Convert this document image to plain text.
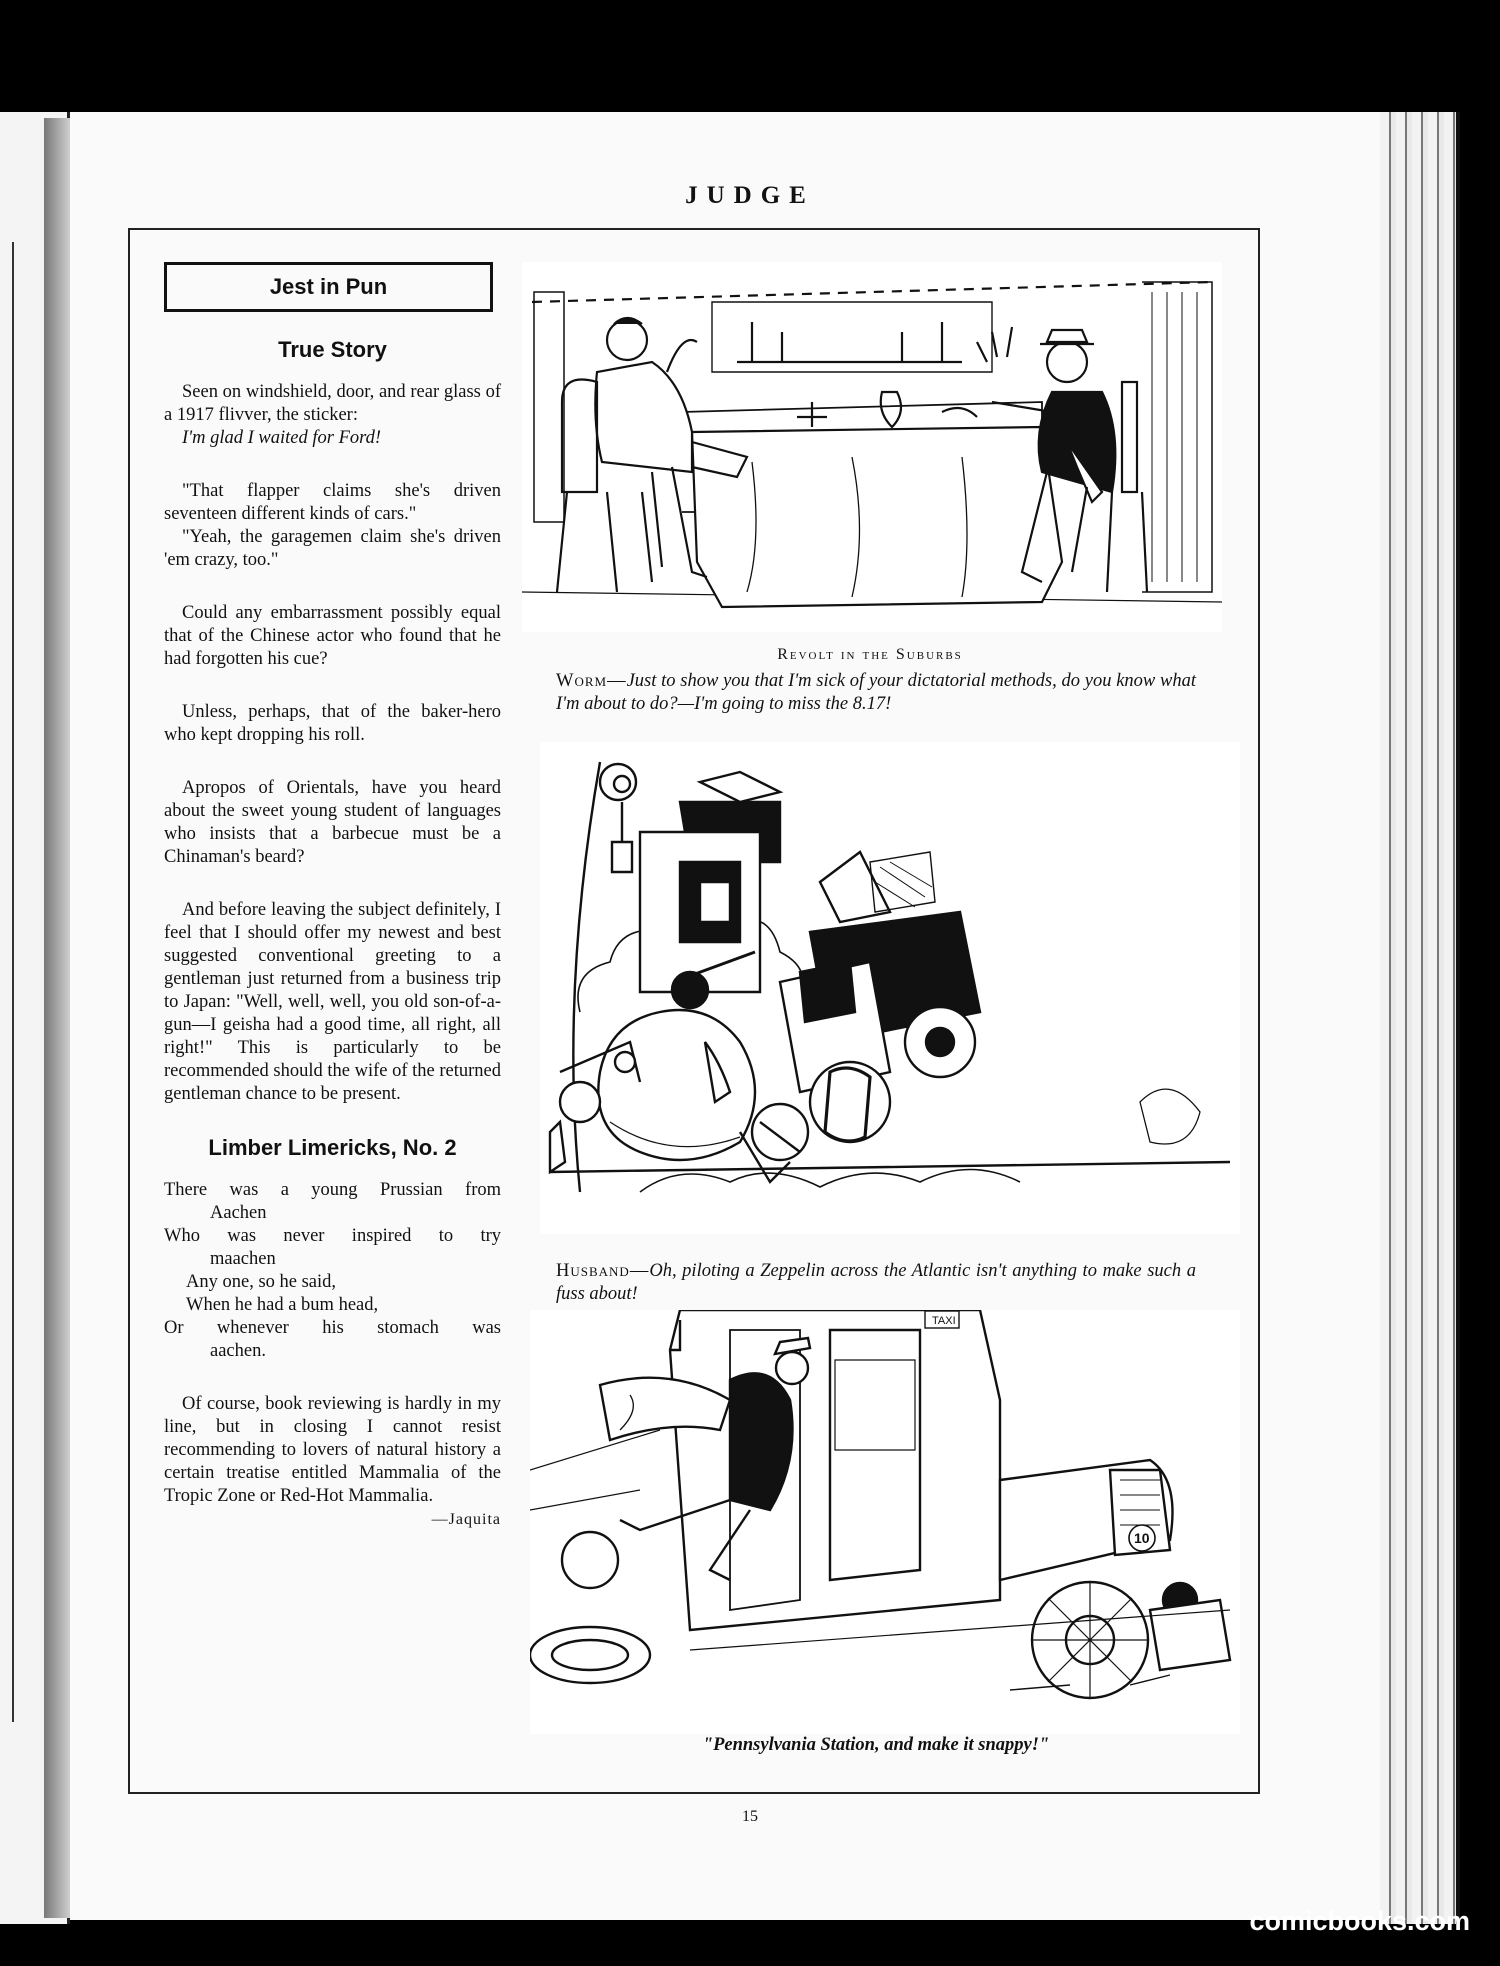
JUDGE
Jest in Pun
True Story

Seen on windshield, door, and rear glass of a 1917 flivver, the sticker:

I'm glad I waited for Ford!

"That flapper claims she's driven seventeen different kinds of cars."

"Yeah, the garagemen claim she's driven 'em crazy, too."

Could any embarrassment possibly equal that of the Chinese actor who found that he had forgotten his cue?

Unless, perhaps, that of the baker-hero who kept dropping his roll.

Apropos of Orientals, have you heard about the sweet young student of languages who insists that a barbecue must be a Chinaman's beard?

And before leaving the subject definitely, I feel that I should offer my newest and best suggested conventional greeting to a gentleman just returned from a business trip to Japan: "Well, well, well, you old son-of-a-gun—I geisha had a good time, all right, all right!" This is particularly to be recommended should the wife of the returned gentleman chance to be present.

Limber Limericks, No. 2
There was a young Prussian from
Aachen
Who was never inspired to try
maachen
Any one, so he said,
When he had a bum head,
Or whenever his stomach was
aachen.

Of course, book reviewing is hardly in my line, but in closing I cannot resist recommending to lovers of natural history a certain treatise entitled Mammalia of the Tropic Zone or Red-Hot Mammalia.

—Jaquita
Revolt in the Suburbs
Worm—Just to show you that I'm sick of your dictatorial methods, do you know what I'm about to do?—I'm going to miss the 8.17!
Husband—Oh, piloting a Zeppelin across the Atlantic isn't anything to make such a fuss about!
TAXI
10
"Pennsylvania Station, and make it snappy!"
15
comicbooks.com
